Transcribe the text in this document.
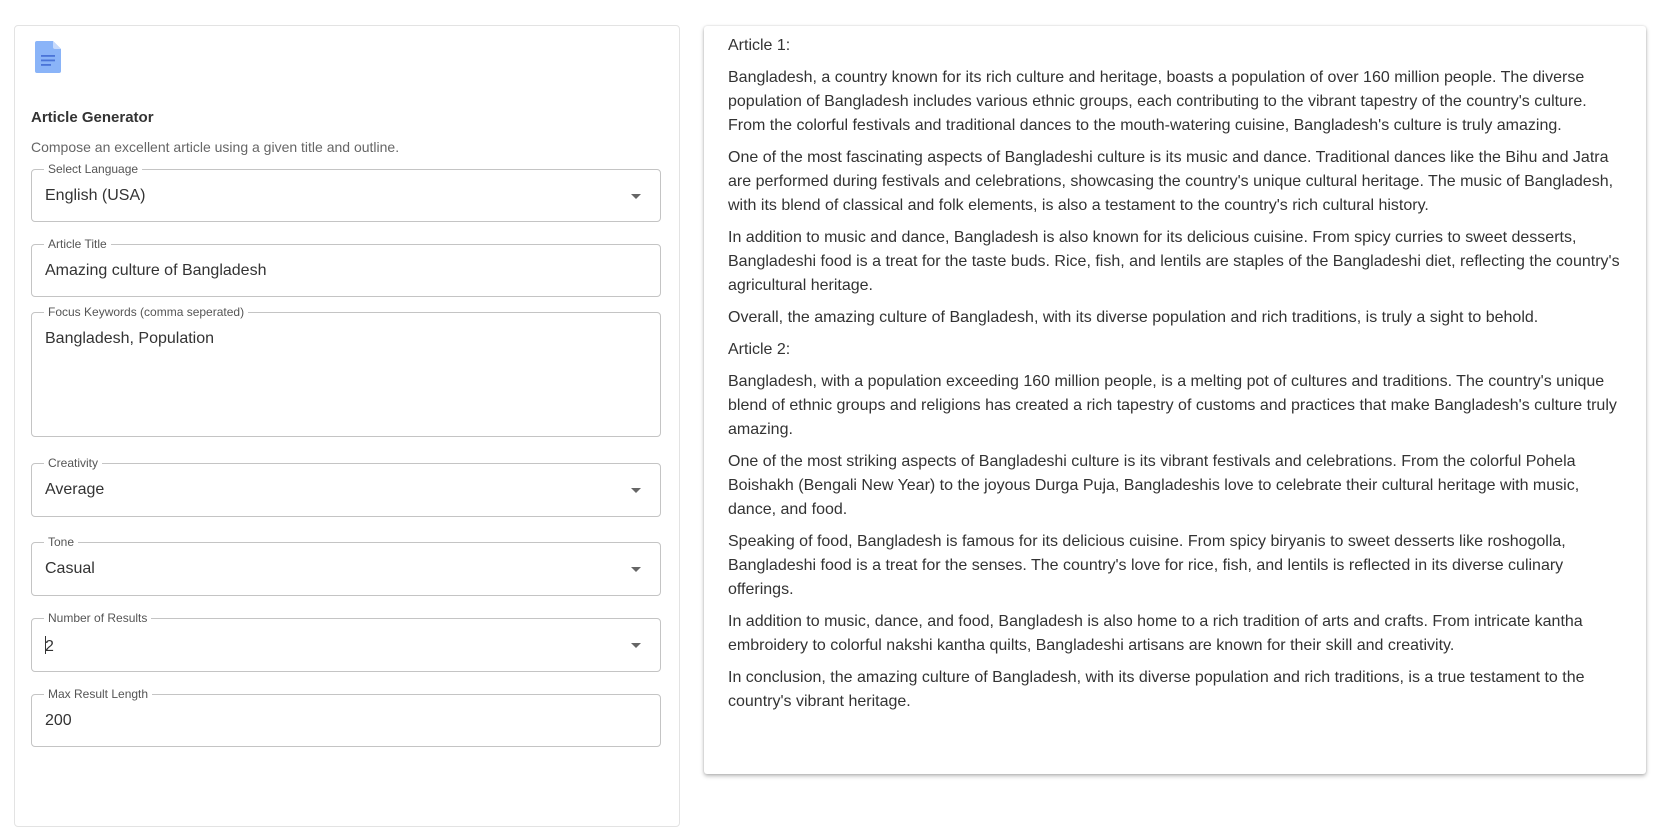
Article Generator
Compose an excellent article using a given title and outline.
Select Language
English (USA)
Article Title
Amazing culture of Bangladesh
Focus Keywords (comma seperated)
Bangladesh, Population
Creativity
Average
Tone
Casual
Number of Results
2
Max Result Length
200

Article 1:

Bangladesh, a country known for its rich culture and heritage, boasts a population of over 160 million people. The diverse population of Bangladesh includes various ethnic groups, each contributing to the vibrant tapestry of the country's culture. From the colorful festivals and traditional dances to the mouth-watering cuisine, Bangladesh's culture is truly amazing.

One of the most fascinating aspects of Bangladeshi culture is its music and dance. Traditional dances like the Bihu and Jatra are performed during festivals and celebrations, showcasing the country's unique cultural heritage. The music of Bangladesh, with its blend of classical and folk elements, is also a testament to the country's rich cultural history.

In addition to music and dance, Bangladesh is also known for its delicious cuisine. From spicy curries to sweet desserts, Bangladeshi food is a treat for the taste buds. Rice, fish, and lentils are staples of the Bangladeshi diet, reflecting the country's agricultural heritage.

Overall, the amazing culture of Bangladesh, with its diverse population and rich traditions, is truly a sight to behold.

Article 2:

Bangladesh, with a population exceeding 160 million people, is a melting pot of cultures and traditions. The country's unique blend of ethnic groups and religions has created a rich tapestry of customs and practices that make Bangladesh's culture truly amazing.

One of the most striking aspects of Bangladeshi culture is its vibrant festivals and celebrations. From the colorful Pohela Boishakh (Bengali New Year) to the joyous Durga Puja, Bangladeshis love to celebrate their cultural heritage with music, dance, and food.

Speaking of food, Bangladesh is famous for its delicious cuisine. From spicy biryanis to sweet desserts like roshogolla, Bangladeshi food is a treat for the senses. The country's love for rice, fish, and lentils is reflected in its diverse culinary offerings.

In addition to music, dance, and food, Bangladesh is also home to a rich tradition of arts and crafts. From intricate kantha embroidery to colorful nakshi kantha quilts, Bangladeshi artisans are known for their skill and creativity.

In conclusion, the amazing culture of Bangladesh, with its diverse population and rich traditions, is a true testament to the country's vibrant heritage.
